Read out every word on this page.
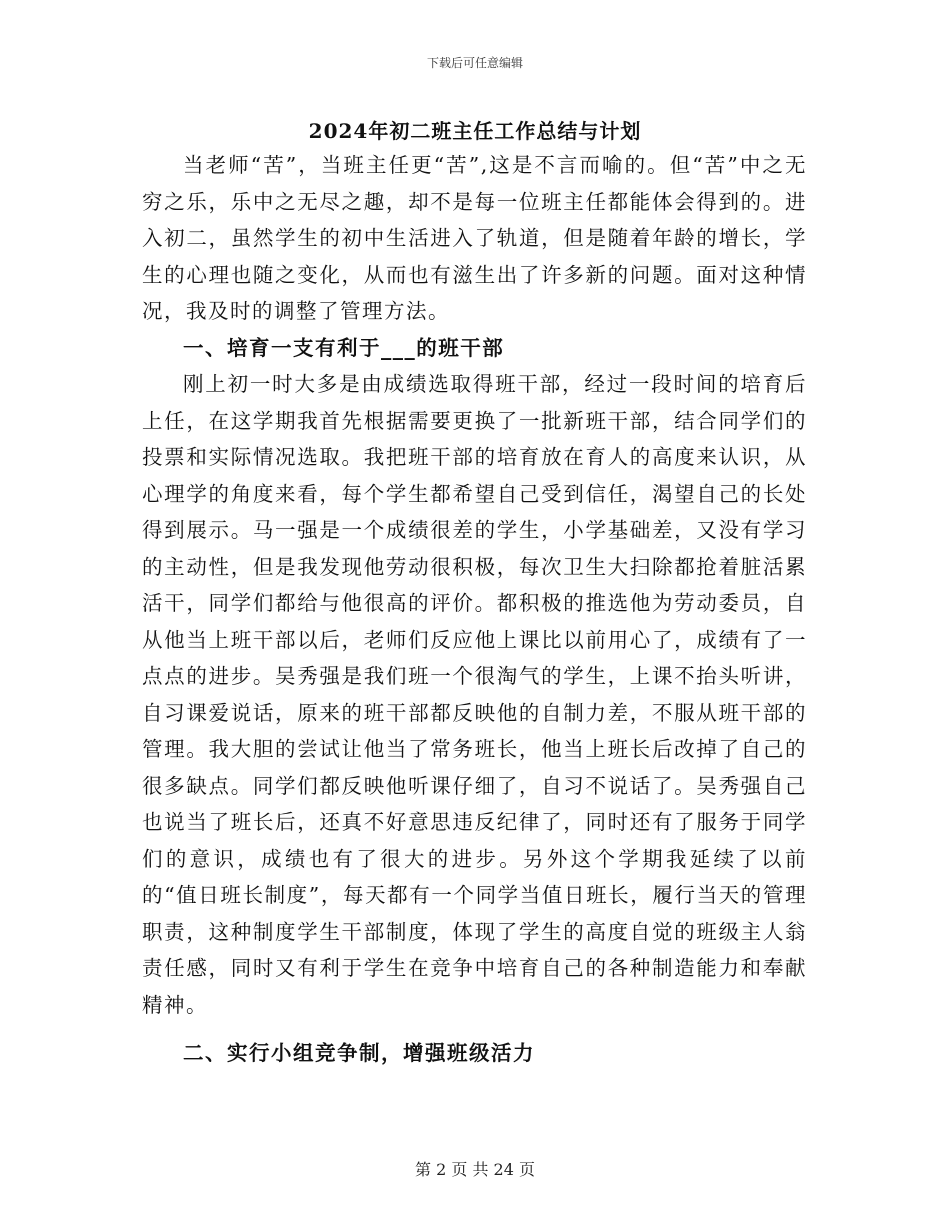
下载后可任意编辑
2024年初二班主任工作总结与计划

当老师“苦”，当班主任更“苦”,这是不言而喻的。但“苦”中之无穷之乐，乐中之无尽之趣，却不是每一位班主任都能体会得到的。进入初二，虽然学生的初中生活进入了轨道，但是随着年龄的增长，学生的心理也随之变化，从而也有滋生出了许多新的问题。面对这种情况，我及时的调整了管理方法。

一、培育一支有利于___的班干部

刚上初一时大多是由成绩选取得班干部，经过一段时间的培育后上任，在这学期我首先根据需要更换了一批新班干部，结合同学们的投票和实际情况选取。我把班干部的培育放在育人的高度来认识，从心理学的角度来看，每个学生都希望自己受到信任，渴望自己的长处得到展示。马一强是一个成绩很差的学生，小学基础差，又没有学习的主动性，但是我发现他劳动很积极，每次卫生大扫除都抢着脏活累活干，同学们都给与他很高的评价。都积极的推选他为劳动委员，自从他当上班干部以后，老师们反应他上课比以前用心了，成绩有了一点点的进步。吴秀强是我们班一个很淘气的学生，上课不抬头听讲，自习课爱说话，原来的班干部都反映他的自制力差，不服从班干部的管理。我大胆的尝试让他当了常务班长，他当上班长后改掉了自己的很多缺点。同学们都反映他听课仔细了，自习不说话了。吴秀强自己也说当了班长后，还真不好意思违反纪律了，同时还有了服务于同学们的意识，成绩也有了很大的进步。另外这个学期我延续了以前的“值日班长制度”，每天都有一个同学当值日班长，履行当天的管理职责，这种制度学生干部制度，体现了学生的高度自觉的班级主人翁责任感，同时又有利于学生在竞争中培育自己的各种制造能力和奉献精神。

二、实行小组竞争制，增强班级活力
第 2 页 共 24 页
